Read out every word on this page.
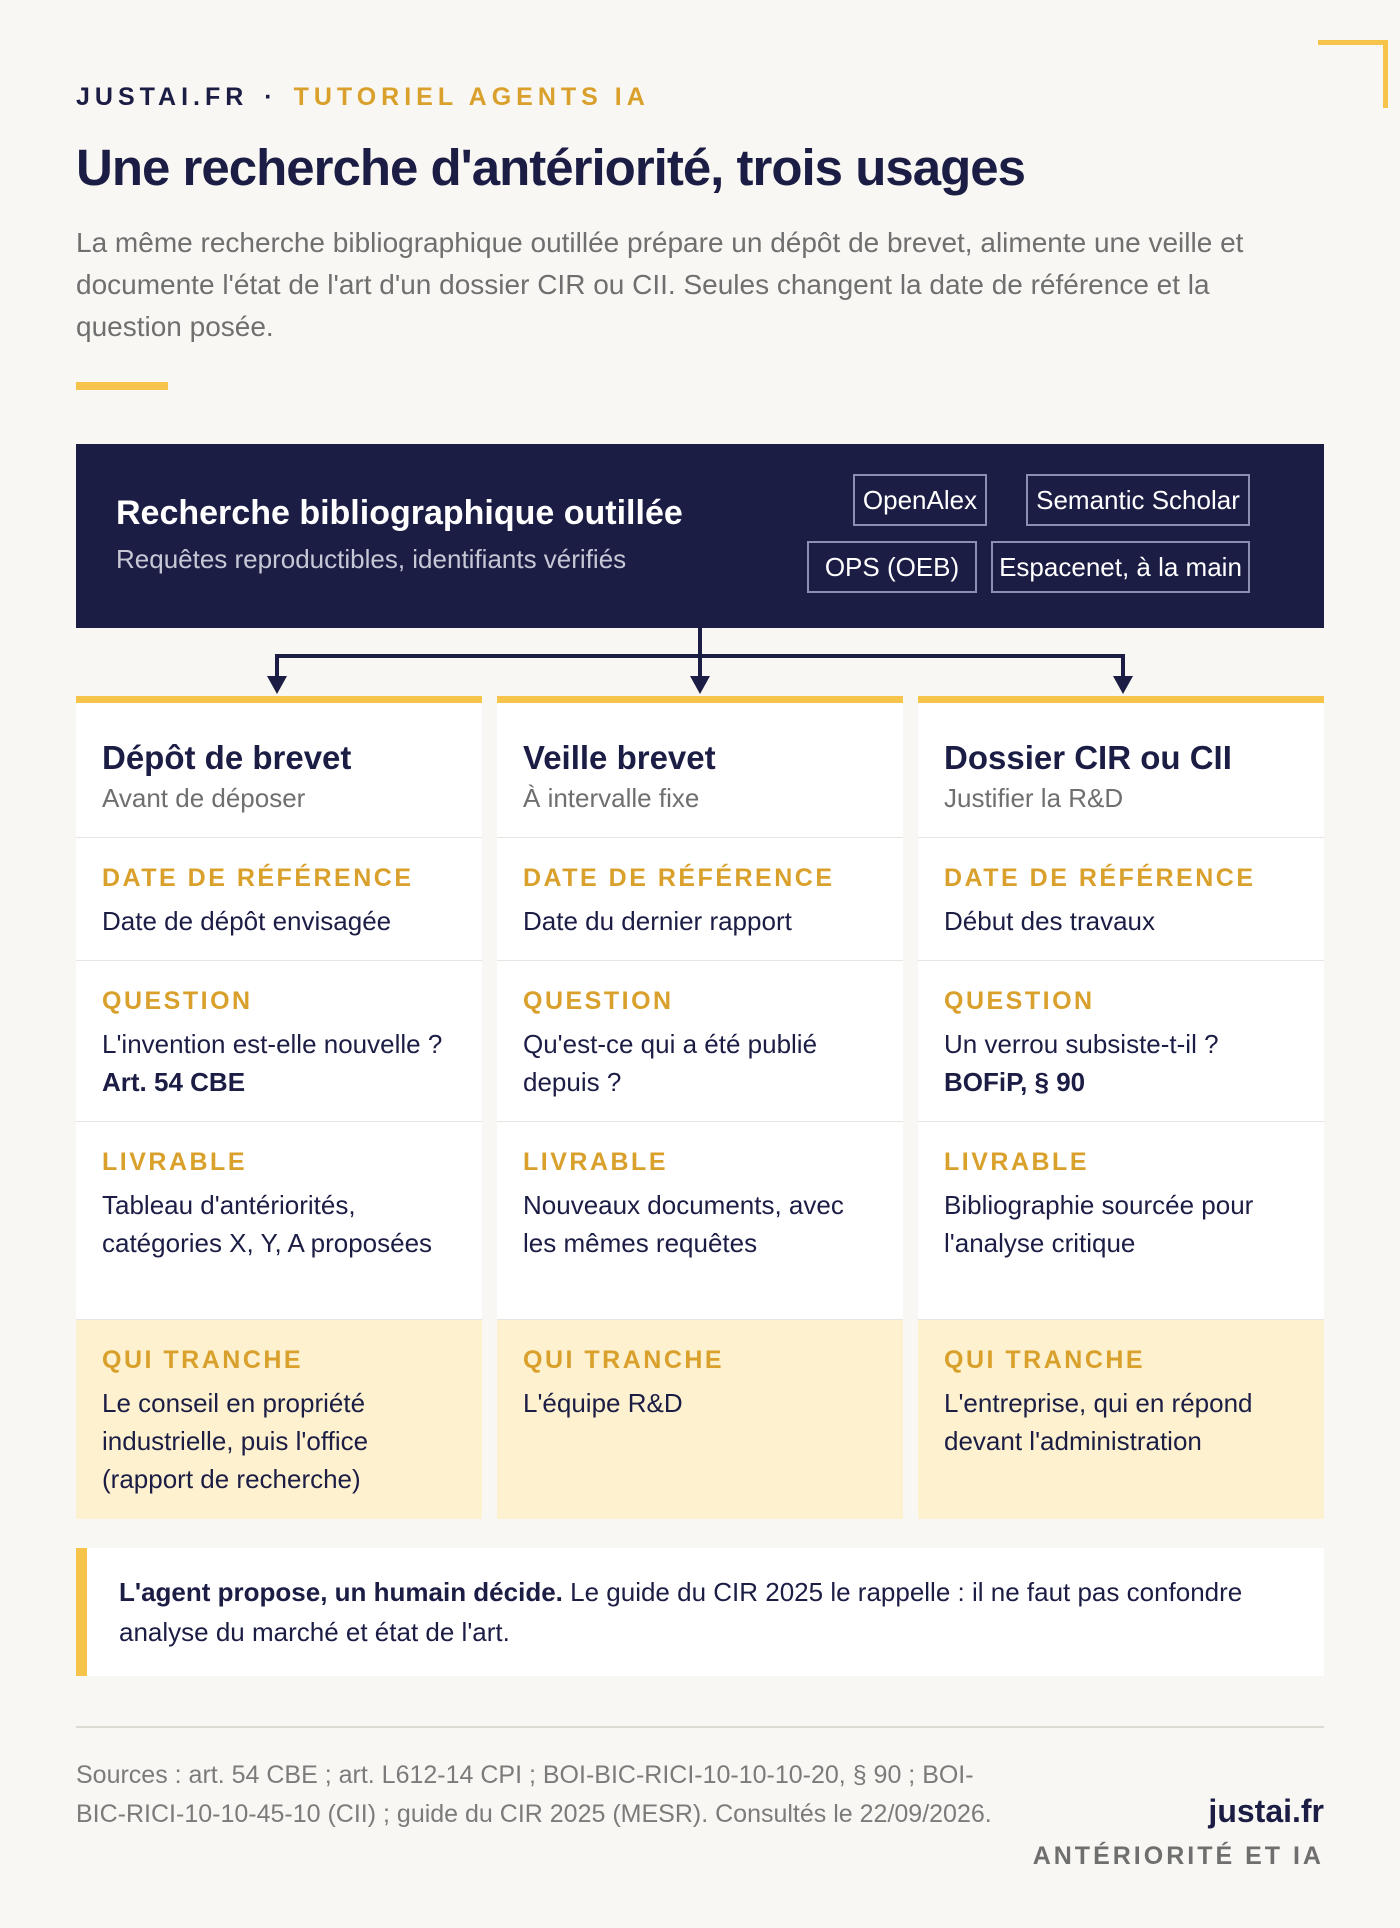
JUSTAI.FR · TUTORIEL AGENTS IA
Une recherche d'antériorité, trois usages

La même recherche bibliographique outillée prépare un dépôt de brevet, alimente une veille et documente l'état de l'art d'un dossier CIR ou CII. Seules changent la date de référence et la question posée.

Recherche bibliographique outillée
Requêtes reproductibles, identifiants vérifiés
OpenAlex	Semantic Scholar
OPS (OEB)	Espacenet, à la main
Dépôt de brevet
Avant de déposer
DATE DE RÉFÉRENCE
Date de dépôt envisagée
QUESTION
L'invention est-elle nouvelle ? Art. 54 CBE
LIVRABLE
Tableau d'antériorités, catégories X, Y, A proposées
QUI TRANCHE
Le conseil en propriété industrielle, puis l'office (rapport de recherche)
Veille brevet
À intervalle fixe
DATE DE RÉFÉRENCE
Date du dernier rapport
QUESTION
Qu'est-ce qui a été publié depuis ?
LIVRABLE
Nouveaux documents, avec les mêmes requêtes
QUI TRANCHE
L'équipe R&D
Dossier CIR ou CII
Justifier la R&D
DATE DE RÉFÉRENCE
Début des travaux
QUESTION
Un verrou subsiste-t-il ?
BOFiP, § 90
LIVRABLE
Bibliographie sourcée pour l'analyse critique
QUI TRANCHE
L'entreprise, qui en répond devant l'administration

L'agent propose, un humain décide. Le guide du CIR 2025 le rappelle : il ne faut pas confondre analyse du marché et état de l'art.

Sources : art. 54 CBE ; art. L612-14 CPI ; BOI-BIC-RICI-10-10-10-20, § 90 ; BOI-BIC-RICI-10-10-45-10 (CII) ; guide du CIR 2025 (MESR). Consultés le 22/09/2026.	justai.fr
ANTÉRIORITÉ ET IA
